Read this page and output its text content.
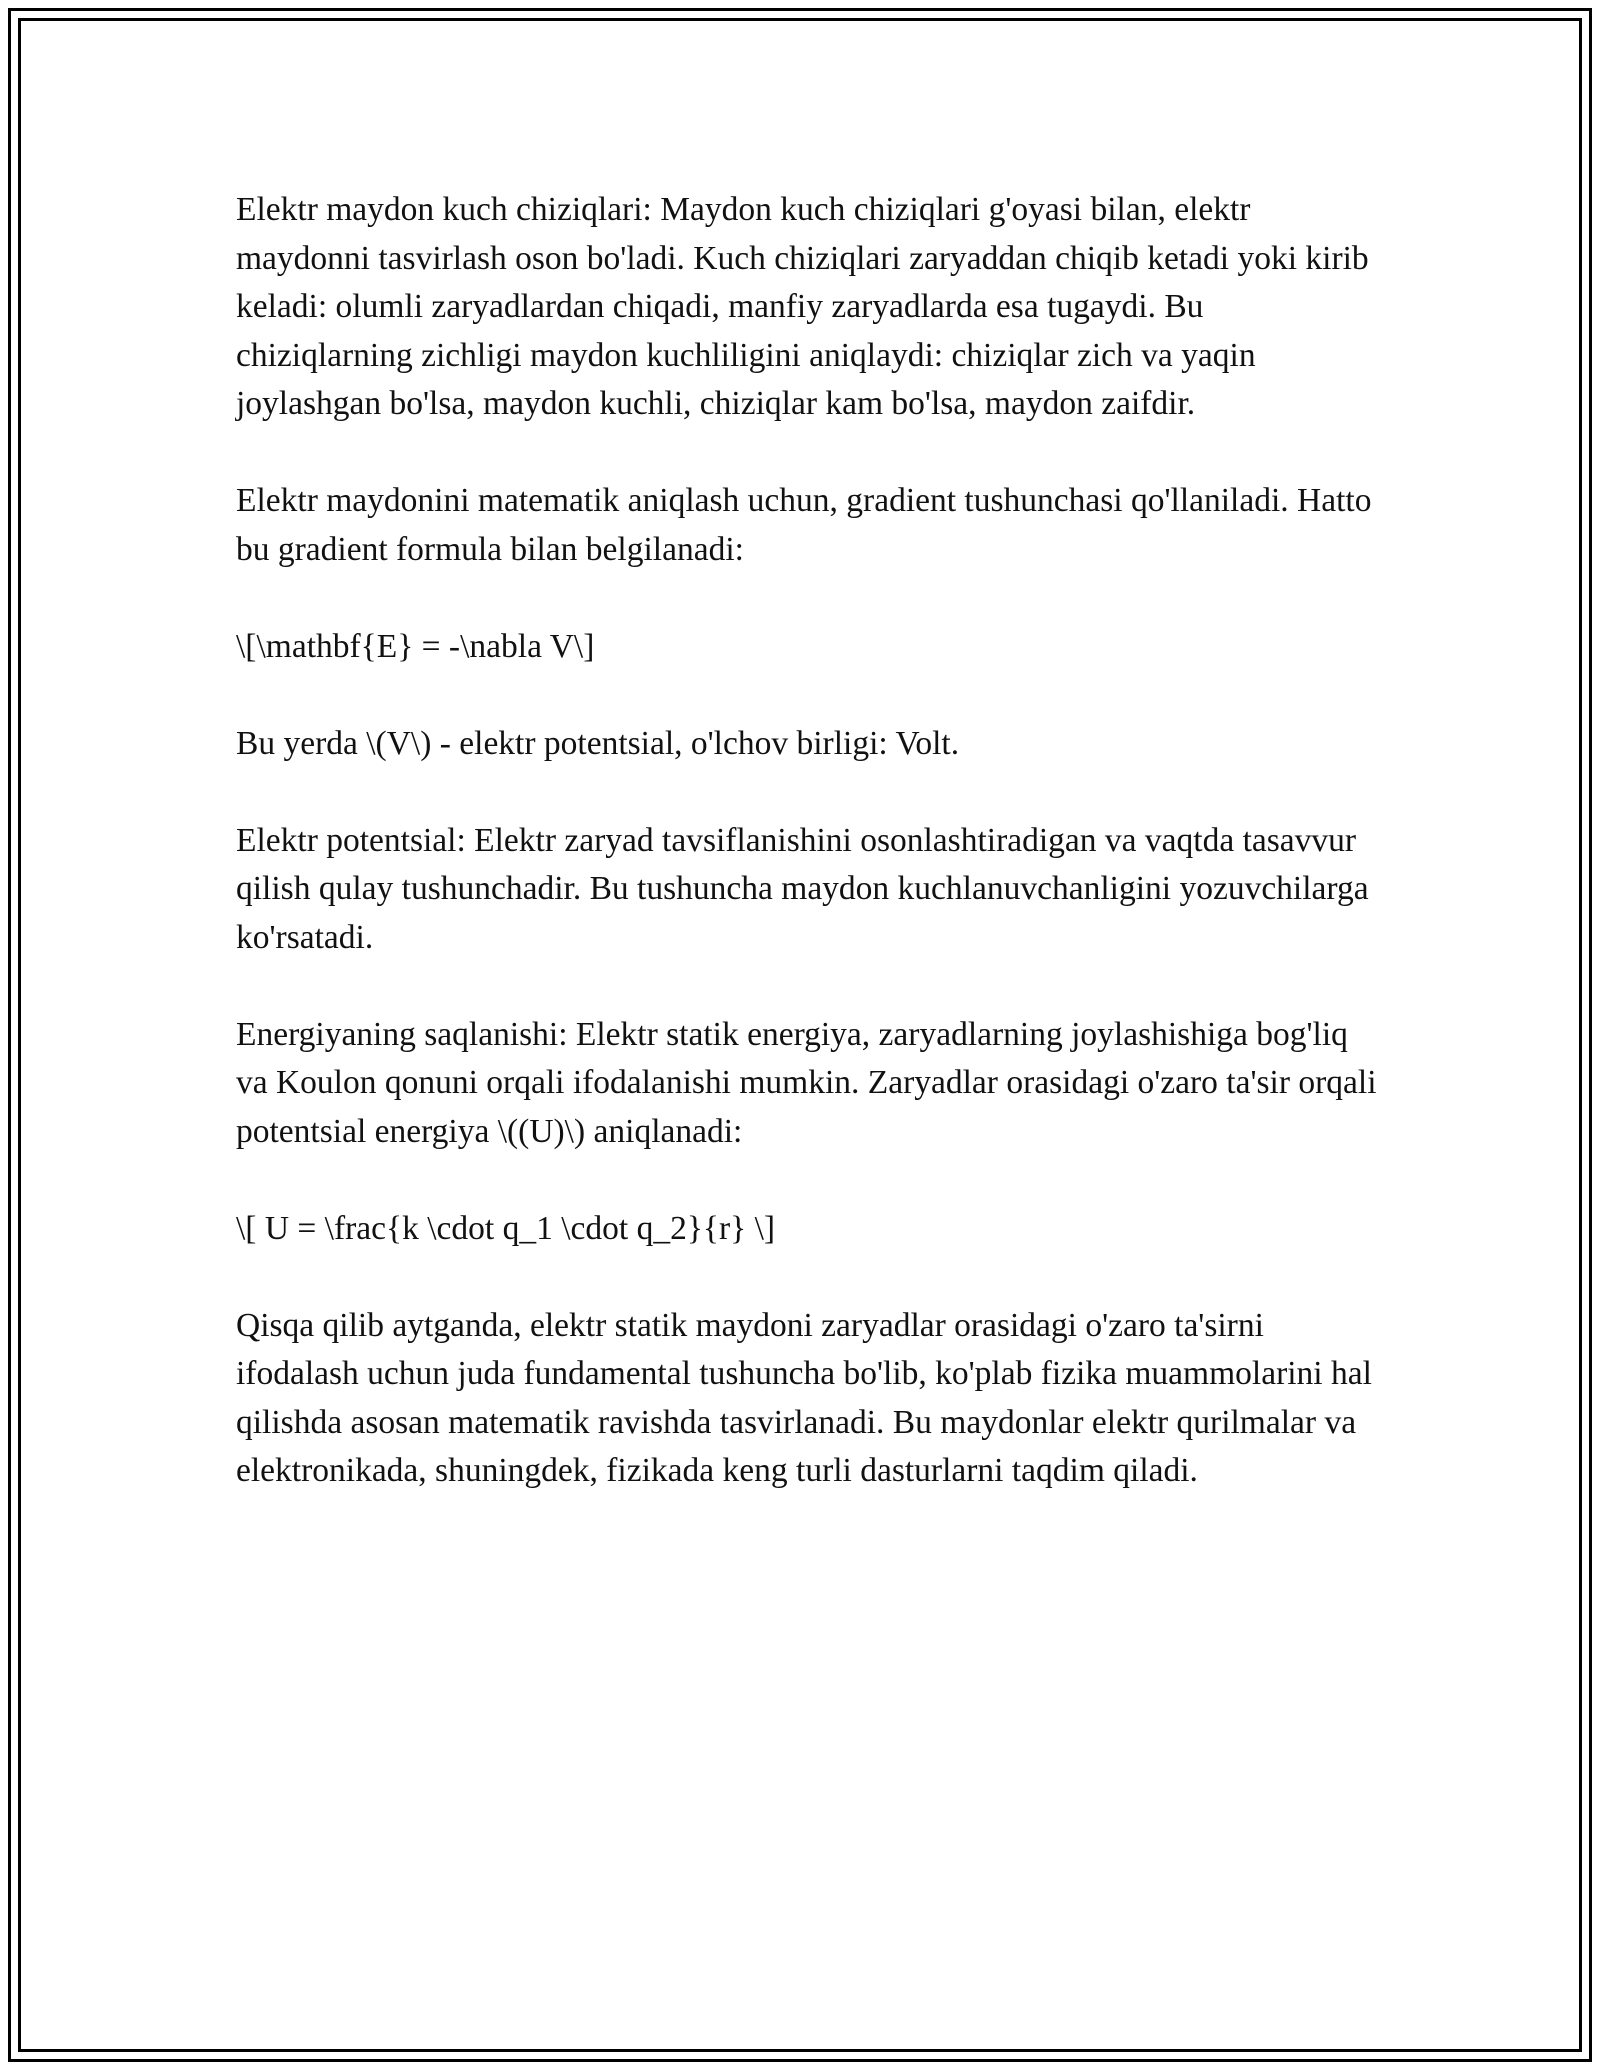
Elektr maydon kuch chiziqlari: Maydon kuch chiziqlari g'oyasi bilan, elektr maydonni tasvirlash oson bo'ladi. Kuch chiziqlari zaryaddan chiqib ketadi yoki kirib keladi: olumli zaryadlardan chiqadi, manfiy zaryadlarda esa tugaydi. Bu chiziqlarning zichligi maydon kuchliligini aniqlaydi: chiziqlar zich va yaqin joylashgan bo'lsa, maydon kuchli, chiziqlar kam bo'lsa, maydon zaifdir.

Elektr maydonini matematik aniqlash uchun, gradient tushunchasi qo'llaniladi. Hatto bu gradient formula bilan belgilanadi:

\[\mathbf{E} = -\nabla V\]

Bu yerda \(V\) - elektr potentsial, o'lchov birligi: Volt.

Elektr potentsial: Elektr zaryad tavsiflanishini osonlashtiradigan va vaqtda tasavvur qilish qulay tushunchadir. Bu tushuncha maydon kuchlanuvchanligini yozuvchilarga ko'rsatadi.

Energiyaning saqlanishi: Elektr statik energiya, zaryadlarning joylashishiga bog'liq va Koulon qonuni orqali ifodalanishi mumkin. Zaryadlar orasidagi o'zaro ta'sir orqali potentsial energiya \((U)\) aniqlanadi:

\[ U = \frac{k \cdot q_1 \cdot q_2}{r} \]

Qisqa qilib aytganda, elektr statik maydoni zaryadlar orasidagi o'zaro ta'sirni ifodalash uchun juda fundamental tushuncha bo'lib, ko'plab fizika muammolarini hal qilishda asosan matematik ravishda tasvirlanadi. Bu maydonlar elektr qurilmalar va elektronikada, shuningdek, fizikada keng turli dasturlarni taqdim qiladi.
